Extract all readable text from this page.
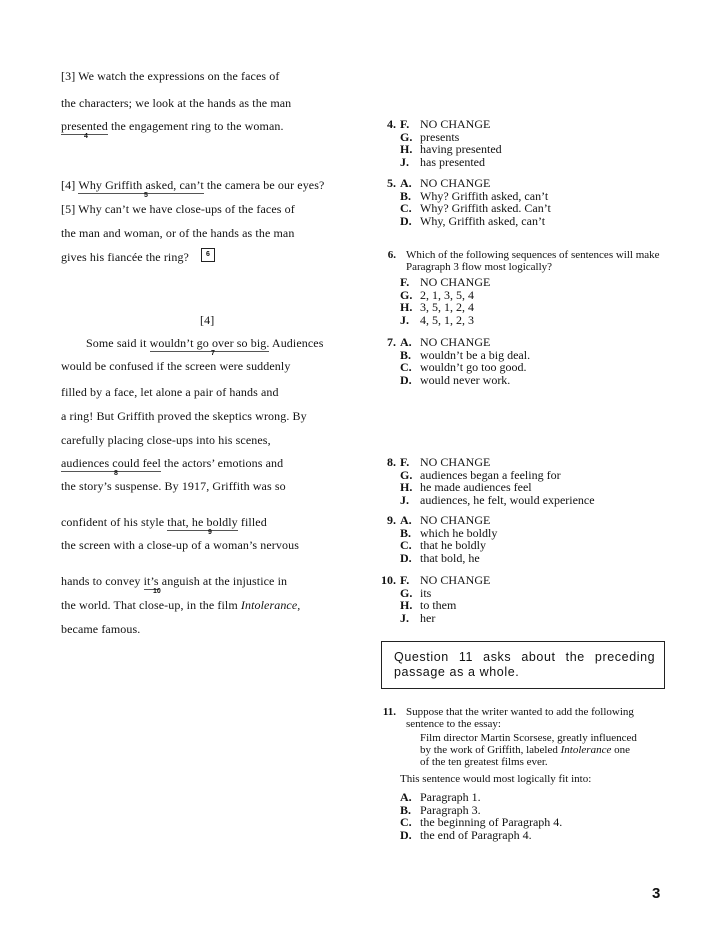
[3] We watch the expressions on the faces of
the characters; we look at the hands as the man
presented the engagement ring to the woman.
4
[4] Why Griffith asked, can’t the camera be our eyes?
5
[5] Why can’t we have close-ups of the faces of
the man and woman, or of the hands as the man
gives his fiancée the ring?	6
[4]
Some said it wouldn’t go over so big. Audiences
7
would be confused if the screen were suddenly
filled by a face, let alone a pair of hands and
a ring! But Griffith proved the skeptics wrong. By
carefully placing close-ups into his scenes,
audiences could feel the actors’ emotions and
8
the story’s suspense. By 1917, Griffith was so
confident of his style that, he boldly filled
9
the screen with a close-up of a woman’s nervous
hands to convey it’s anguish at the injustice in
10
the world. That close-up, in the film Intolerance,
became famous.
4. F. NO CHANGE
G. presents
H. having presented
J. has presented
5. A. NO CHANGE
B. Why? Griffith asked, can’t
C. Why? Griffith asked. Can’t
D. Why, Griffith asked, can’t
6. Which of the following sequences of sentences will make
Paragraph 3 flow most logically?
F. NO CHANGE
G. 2, 1, 3, 5, 4
H. 3, 5, 1, 2, 4
J. 4, 5, 1, 2, 3
7. A. NO CHANGE
B. wouldn’t be a big deal.
C. wouldn’t go too good.
D. would never work.
8. F. NO CHANGE
G. audiences began a feeling for
H. he made audiences feel
J. audiences, he felt, would experience
9. A. NO CHANGE
B. which he boldly
C. that he boldly
D. that bold, he
10. F. NO CHANGE
G. its
H. to them
J. her
Question 11 asks about the preceding
passage as a whole.
11. Suppose that the writer wanted to add the following
sentence to the essay:
Film director Martin Scorsese, greatly influenced
by the work of Griffith, labeled Intolerance one
of the ten greatest films ever.
This sentence would most logically fit into:
A. Paragraph 1.
B. Paragraph 3.
C. the beginning of Paragraph 4.
D. the end of Paragraph 4.
3
